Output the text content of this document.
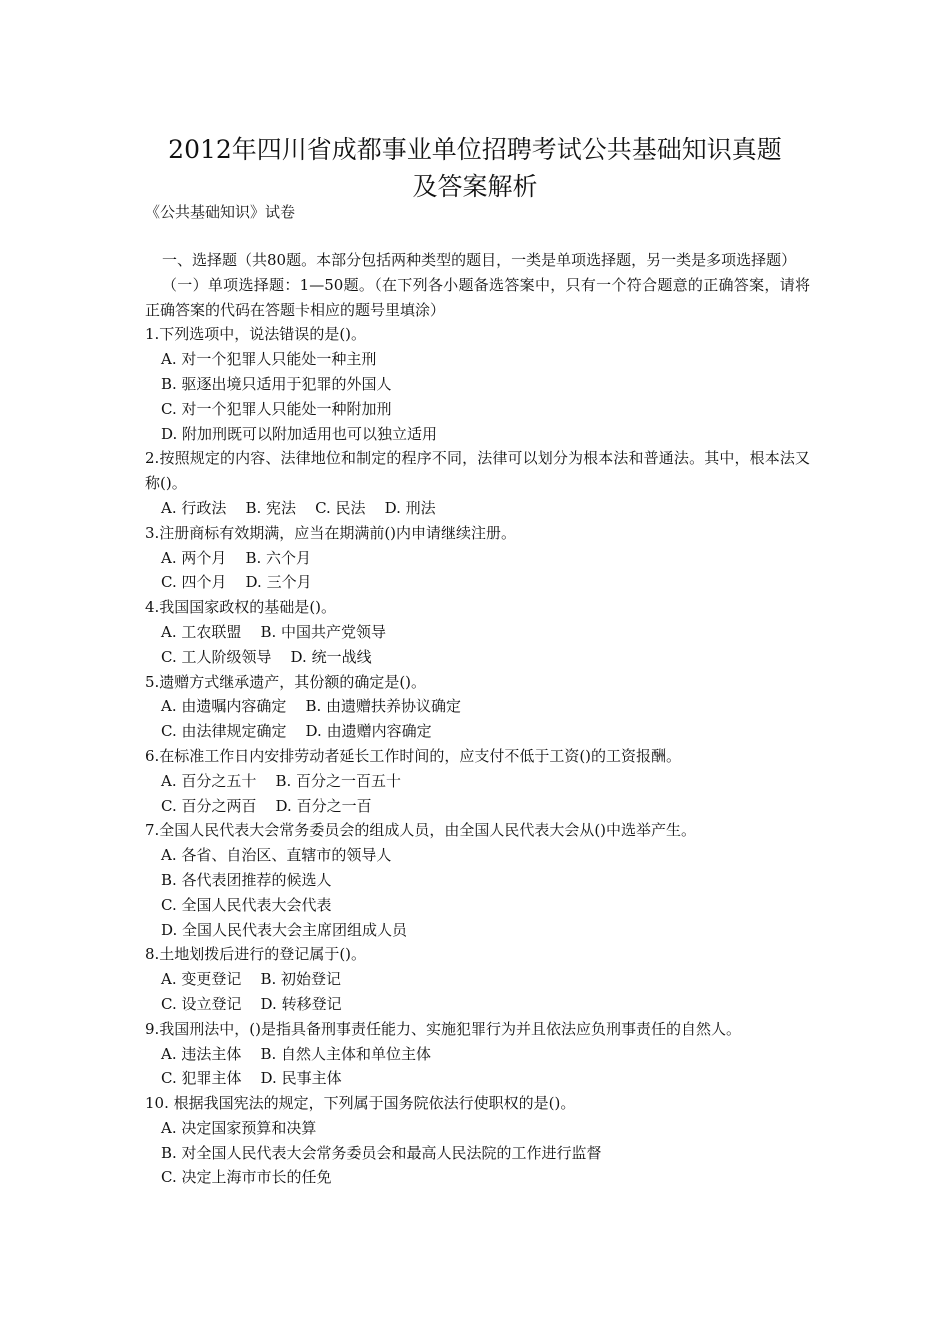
2012年四川省成都事业单位招聘考试公共基础知识真题
及答案解析
《公共基础知识》试卷

一、选择题（共80题。本部分包括两种类型的题目，一类是单项选择题，另一类是多项选择题）

（一）单项选择题：1—50题。（在下列各小题备选答案中，只有一个符合题意的正确答案，请将正确答案的代码在答题卡相应的题号里填涂）

1.下列选项中，说法错误的是()。

A. 对一个犯罪人只能处一种主刑

B. 驱逐出境只适用于犯罪的外国人

C. 对一个犯罪人只能处一种附加刑

D. 附加刑既可以附加适用也可以独立适用

2.按照规定的内容、法律地位和制定的程序不同，法律可以划分为根本法和普通法。其中，根本法又称()。

A. 行政法    B. 宪法    C. 民法    D. 刑法

3.注册商标有效期满，应当在期满前()内申请继续注册。

A. 两个月    B. 六个月

C. 四个月    D. 三个月

4.我国国家政权的基础是()。

A. 工农联盟    B. 中国共产党领导

C. 工人阶级领导    D. 统一战线

5.遗赠方式继承遗产，其份额的确定是()。

A. 由遗嘱内容确定    B. 由遗赠扶养协议确定

C. 由法律规定确定    D. 由遗赠内容确定

6.在标准工作日内安排劳动者延长工作时间的，应支付不低于工资()的工资报酬。

A. 百分之五十    B. 百分之一百五十

C. 百分之两百    D. 百分之一百

7.全国人民代表大会常务委员会的组成人员，由全国人民代表大会从()中选举产生。

A. 各省、自治区、直辖市的领导人

B. 各代表团推荐的候选人

C. 全国人民代表大会代表

D. 全国人民代表大会主席团组成人员

8.土地划拨后进行的登记属于()。

A. 变更登记    B. 初始登记

C. 设立登记    D. 转移登记

9.我国刑法中，()是指具备刑事责任能力、实施犯罪行为并且依法应负刑事责任的自然人。

A. 违法主体    B. 自然人主体和单位主体

C. 犯罪主体    D. 民事主体

10. 根据我国宪法的规定，下列属于国务院依法行使职权的是()。

A. 决定国家预算和决算

B. 对全国人民代表大会常务委员会和最高人民法院的工作进行监督

C. 决定上海市市长的任免
